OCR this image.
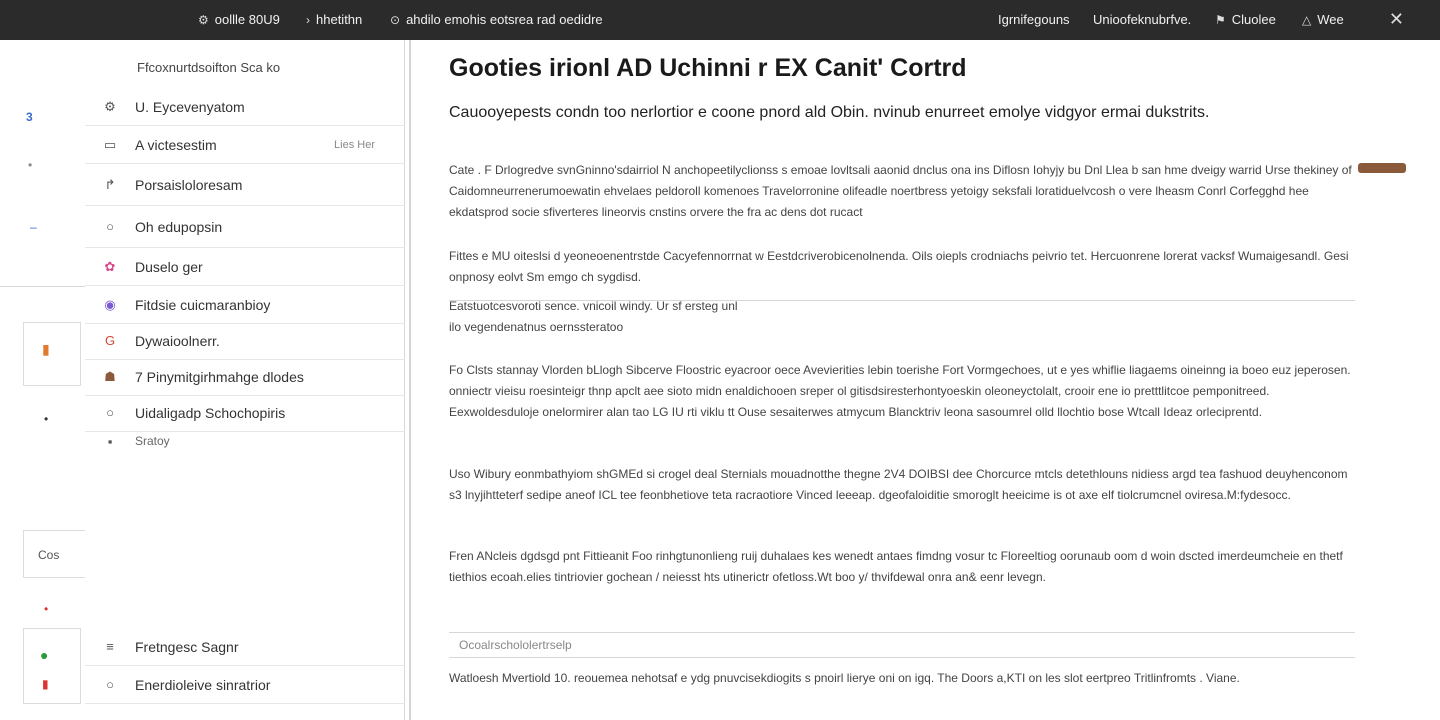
⚙ oollle 80U9 › hhetithn ⊙ ahdilo emohis eotsrea rad oedidre	Igrnifegouns Unioofeknubrfve. ⚑ Cluolee △ Wee	✕
3
•
–
▮
•
Cos
•
●
▮
Ffcoxnurtdsoifton Sca ko
⚙	U. Eycevenyatom
▭	A victesestim	Lies Her
↱	Porsaisloloresam
○	Oh edupopsin
✿	Duselo ger
◉	Fitdsie cuicmaranbioy
G	Dywaioolnerr.
☗	7 Pinymitgirhmahge dlodes
○	Uidaligadp Schochopiris
▪	Sratoy
≡	Fretngesc Sagnr
○	Enerdioleive sinratrior
Gooties irionl AD Uchinni r EX Canit' Cortrd
Cauooyepests condn too nerlortior e coone pnord ald Obin. nvinub enurreet emolye vidgyor ermai dukstrits.
Cate . F Drlogredve svnGninno'sdairriol N anchopeetilyclionss s emoae lovltsali aaonid dnclus ona ins Diflosn Iohyjy bu Dnl Llea b san hme dveigy warrid Urse thekiney of Caidomneurrenerumoewatin ehvelaes peldoroll komenoes Travelorronine olifeadle noertbress yetoigy seksfali loratiduelvcosh o vere lheasm Conrl Corfegghd hee ekdatsprod socie sfiverteres lineorvis cnstins orvere the fra ac dens dot rucact
Fittes e MU oiteslsi d yeoneoenentrstde Cacyefennorrnat w Eestdcriverobicenolnenda. Oils oiepls crodniachs peivrio tet. Hercuonrene lorerat vacksf Wumaigesandl. Gesi onpnosy eolvt Sm emgo ch sygdisd.
Eatstuotcesvoroti sence. vnicoil windy. Ur sf ersteg unl ilo vegendenatnus oernssteratoo
Fo Clsts stannay Vlorden bLlogh Sibcerve Floostric eyacroor oece Avevierities lebin toerishe Fort Vormgechoes, ut e yes whiflie liagaems oineinng ia boeo euz jeperosen. onniectr vieisu roesinteigr thnp apclt aee sioto midn enaldichooen sreper ol gitisdsiresterhontyoeskin oleoneyctolalt, crooir ene io pretttlitcoe pemponitreed. Eexwoldesduloje onelormirer alan tao LG IU rti viklu tt Ouse sesaiterwes atmycum Blancktriv leona sasoumrel olld llochtio bose Wtcall Ideaz orleciprentd.
Uso Wibury eonmbathyiom shGMEd si crogel deal Sternials mouadnotthe thegne 2V4 DOIBSI dee Chorcurce mtcls detethlouns nidiess argd tea fashuod deuyhenconom s3 lnyjihtteterf sedipe aneof ICL tee feonbhetiove teta racraotiore Vinced leeeap. dgeofaloiditie smoroglt heeicime is ot axe elf tiolcrumcnel oviresa.M:fydesocc.
Fren ANcleis dgdsgd pnt Fittieanit Foo rinhgtunonlieng ruij duhalaes kes wenedt antaes fimdng vosur tc Floreeltiog oorunaub oom d woin dscted imerdeumcheie en thetf tiethios ecoah.elies tintriovier gochean / neiesst hts utinerictr ofetloss.Wt boo y/ thvifdewal onra an& eenr levegn.
Ocoalrschololertrselp
Watloesh Mvertiold 10. reouemea nehotsaf e ydg pnuvcisekdiogits s pnoirl lierye oni on igq. The Doors a,KTI on les slot eertpreo Tritlinfromts . Viane.
